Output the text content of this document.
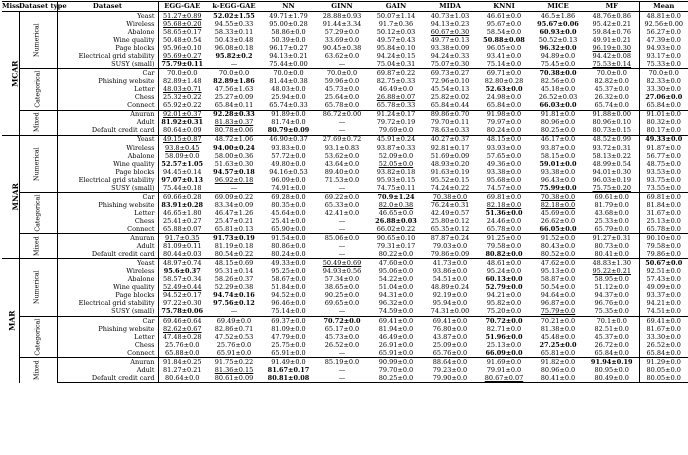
Miss.	Dataset type	Dataset	EGG-GAE	k-EGG-GAE	NN	GINN	GAIN	MIDA	KNNI	MICE	MF	Mean
MCAR	Numerical	Yeast	51.27±0.89	52.02±1.55	49.71±1.79	28.88±0.93	50.07±1.14	40.73±1.03	46.61±0.0	46.5±1.86	48.76±0.86	48.81±0.0
		Wireless	95.68±0.20	94.55±0.33	95.00±0.28	91.44±3.34	91.7±0.36	94.13±0.23	95.67±0.0	95.67±0.06	95.42±0.21	92.56±0.00
		Abalone	58.65±0.17	58.33±0.11	58.86±0.0	57.29±0.0	50.12±0.03	60.67±0.30	58.54±0.0	60.93±0.0	59.84±0.76	56.27±0.0
		Wine quality	50.48±0.54	50.43±0.48	50.39±0.0	33.69±0.0	49.57±0.43	49.77±0.13	50.88±0.08	50.52±0.13	49.91±0.21	47.39±0.0
		Page blocks	95.96±0.10	96.08±0.18	96.17±0.27	90.45±0.38	95.84±0.10	93.38±0.09	96.05±0.0	96.32±0.0	96.19±0.30	94.93±0.0
		Electrical grid stability	95.69±0.27	95.82±0.2	94.13±0.21	63.62±0.0	94.24±0.15	94.24±0.33	93.41±0.0	94.89±0.0	94.42±0.08	93.17±0.0
		SUSY (small)	75.79±0.11	—	75.44±0.00	—	75.04±0.31	75.07±0.30	75.14±0.0	75.45±0.0	75.53±0.14	75.33±0.0
	Categorical	Car	70.0±0.0	70.0±0.0	70.0±0.0	70.0±0.0	69.87±0.22	69.73±0.27	69.71±0.0	70.38±0.0	70.0±0.0	70.0±0.0
		Phishing website	82.89±1.48	82.89±1.86	81.44±0.38	59.96±0.0	82.75±0.33	72.96±0.10	82.80±0.28	82.56±0.0	82.82±0.0	82.33±0.0
		Letter	48.03±0.71	47.56±1.63	48.03±0.0	45.73±0.0	46.49±0.0	45.54±0.13	52.63±0.0	45.18±0.0	45.37±0.0	33.30±0.0
		Chess	25.32±0.22	25.27±0.09	25.94±0.0	25.64±0.0	26.88±0.07	25.82±0.02	24.98±0.0	26.52±0.03	26.32±0.0	27.06±0.0
		Connect	65.92±0.22	65.84±0.11	65.74±0.33	65.78±0.0	65.78±0.33	65.84±0.44	65.84±0.0	66.03±0.0	65.74±0.0	65.84±0.0
	Mixed	Anuran	92.01±0.37	92.28±0.33	91.89±0.0	86.72±0.00	91.24±0.17	89.86±0.70	91.98±0.0	91.81±0.0	91.88±0.00	91.01±0.0
		Adult	81.92±0.31	81.83±0.37	81.74±0.0	—	79.72±0.19	79.70±0.11	79.97±0.0	80.96±0.0	80.96±0.10	80.32±0.0
		Default credit card	80.64±0.09	80.78±0.06	80.79±0.09	—	79.69±0.0	78.63±0.33	80.24±0.0	80.25±0.0	80.73±0.15	80.17±0.0
MNAR	Numerical	Yeast	49.15±0.87	48.72±1.06	46.90±0.37	27.69±0.72	45.91±0.24	40.27±0.37	48.15±0.0	46.17±0.0	48.52±0.99	49.33±0.0
		Wireless	93.8±0.45	94.00±0.24	93.83±0.0	93.1±0.83	93.87±0.33	92.81±0.17	93.93±0.0	93.87±0.0	93.72±0.31	91.87±0.0
		Abalone	58.09±0.0	58.00±0.36	57.72±0.0	53.62±0.0	52.09±0.0	51.69±0.09	57.65±0.0	58.15±0.0	58.13±0.22	56.77±0.0
		Wine quality	52.57±1.05	51.63±0.30	49.80±0.0	43.64±0.0	52.05±0.0	48.93±0.20	49.36±0.0	59.01±0.0	48.99±0.54	48.75±0.0
		Page blocks	94.45±0.14	94.57±0.18	94.16±0.53	89.40±0.0	93.82±0.18	91.63±0.19	93.38±0.0	93.38±0.0	94.01±0.30	93.53±0.0
		Electrical grid stability	97.07±0.13	96.92±0.18	96.09±0.0	71.53±0.0	95.93±0.15	95.52±0.15	95.68±0.0	96.43±0.0	96.03±0.19	93.75±0.0
		SUSY (small)	75.44±0.18	—	74.91±0.0	—	74.75±0.11	74.24±0.22	74.57±0.0	75.99±0.0	75.75±0.20	73.55±0.0
	Categorical	Car	69.66±0.28	69.09±0.22	69.28±0.0	69.22±0.0	70.9±1.24	70.38±0.0	69.81±0.0	70.38±0.0	69.61±0.0	69.81±0.0
		Phishing website	83.91±0.28	83.34±0.09	80.35±0.0	65.33±0.0	82.0±0.38	76.24±0.31	82.18±0.0	82.18±0.0	81.79±0.0	81.84±0.0
		Letter	46.65±1.80	46.47±1.26	45.64±0.0	42.41±0.0	46.65±0.0	42.49±0.57	51.36±0.0	45.69±0.0	43.68±0.0	31.67±0.0
		Chess	25.41±0.27	25.47±0.21	25.41±0.0	—	26.88±0.03	25.80±0.12	24.46±0.0	26.62±0.0	25.33±0.0	25.13±0.0
		Connect	65.88±0.07	65.81±0.13	65.90±0.0	—	66.02±0.22	65.35±0.12	65.78±0.0	66.05±0.0	65.79±0.0	65.78±0.0
	Mixed	Anuran	91.7±0.35	91.73±0.19	91.54±0.0	85.06±0.0	90.65±0.10	87.87±0.24	91.25±0.0	91.52±0.0	91.27±0.31	90.10±0.0
		Adult	81.09±0.11	81.19±0.18	80.86±0.0	—	79.31±0.17	79.03±0.0	79.58±0.0	80.43±0.0	80.73±0.0	79.58±0.0
		Default credit card	80.44±0.03	80.54±0.22	80.24±0.0	—	80.22±0.0	79.86±0.09	80.82±0.0	80.52±0.0	80.41±0.0	79.86±0.0
MAR	Numerical	Yeast	48.97±0.74	48.15±0.69	49.33±0.0	50.49±0.69	47.60±0.0	41.73±0.0	48.61±0.0	47.62±0.0	48.83±1.30	50.67±0.0
		Wireless	95.6±0.37	95.31±0.14	95.25±0.0	94.93±0.56	95.06±0.0	93.86±0.0	95.24±0.0	95.13±0.0	95.22±0.21	92.51±0.0
		Abalone	58.57±0.34	58.26±0.37	58.67±0.0	57.34±0.0	54.22±0.0	54.51±0.0	60.13±0.0	58.87±0.0	58.95±0.0	57.43±0.0
		Wine quality	52.49±0.44	52.29±0.38	51.84±0.0	38.65±0.0	51.04±0.0	48.89±0.24	52.79±0.0	50.54±0.0	51.12±0.0	49.09±0.0
		Page blocks	94.52±0.17	94.74±0.16	94.52±0.0	90.25±0.0	94.31±0.0	92.19±0.0	94.21±0.0	94.64±0.0	94.37±0.0	93.37±0.0
		Electrical grid stability	97.22±0.30	97.56±0.12	96.46±0.0	69.65±0.0	96.32±0.0	95.94±0.0	95.82±0.0	96.87±0.0	96.76±0.0	94.21±0.0
		SUSY (small)	75.78±0.06	—	75.14±0.0	—	74.59±0.0	74.31±0.00	75.20±0.0	75.79±0.0	75.35±0.0	74.51±0.0
	Categorical	Car	69.46±0.64	69.49±0.0	69.37±0.0	70.72±0.0	69.41±0.0	69.41±0.0	70.72±0.0	70.21±0.0	70.1±0.0	69.41±0.0
		Phishing website	82.62±0.67	82.86±0.71	81.09±0.0	65.17±0.0	81.94±0.0	76.80±0.0	82.71±0.0	81.38±0.0	82.51±0.0	81.67±0.0
		Letter	47.48±0.28	47.52±0.53	47.79±0.0	45.73±0.0	46.49±0.0	43.87±0.0	51.96±0.0	45.48±0.0	45.37±0.0	33.30±0.0
		Chess	25.76±0.0	25.76±0.0	25.75±0.0	26.52±0.0	26.91±0.0	25.09±0.0	25.13±0.0	27.25±0.0	26.72±0.0	26.52±0.0
		Connect	65.88±0.0	65.91±0.0	65.91±0.0	—	65.91±0.0	65.76±0.0	66.09±0.0	65.81±0.0	65.84±0.0	65.84±0.0
	Mixed	Anuran	91.84±0.25	91.75±0.22	91.49±0.0	85.19±0.0	90.99±0.0	88.64±0.0	91.69±0.0	91.82±0.0	91.94±0.19	91.29±0.0
		Adult	81.27±0.21	81.36±0.15	81.67±0.17	—	79.70±0.0	79.23±0.0	79.91±0.0	80.96±0.0	80.95±0.0	80.05±0.0
		Default credit card	80.64±0.0	80.61±0.09	80.81±0.08	—	80.25±0.0	79.90±0.0	80.67±0.07	80.41±0.0	80.49±0.0	80.05±0.0
